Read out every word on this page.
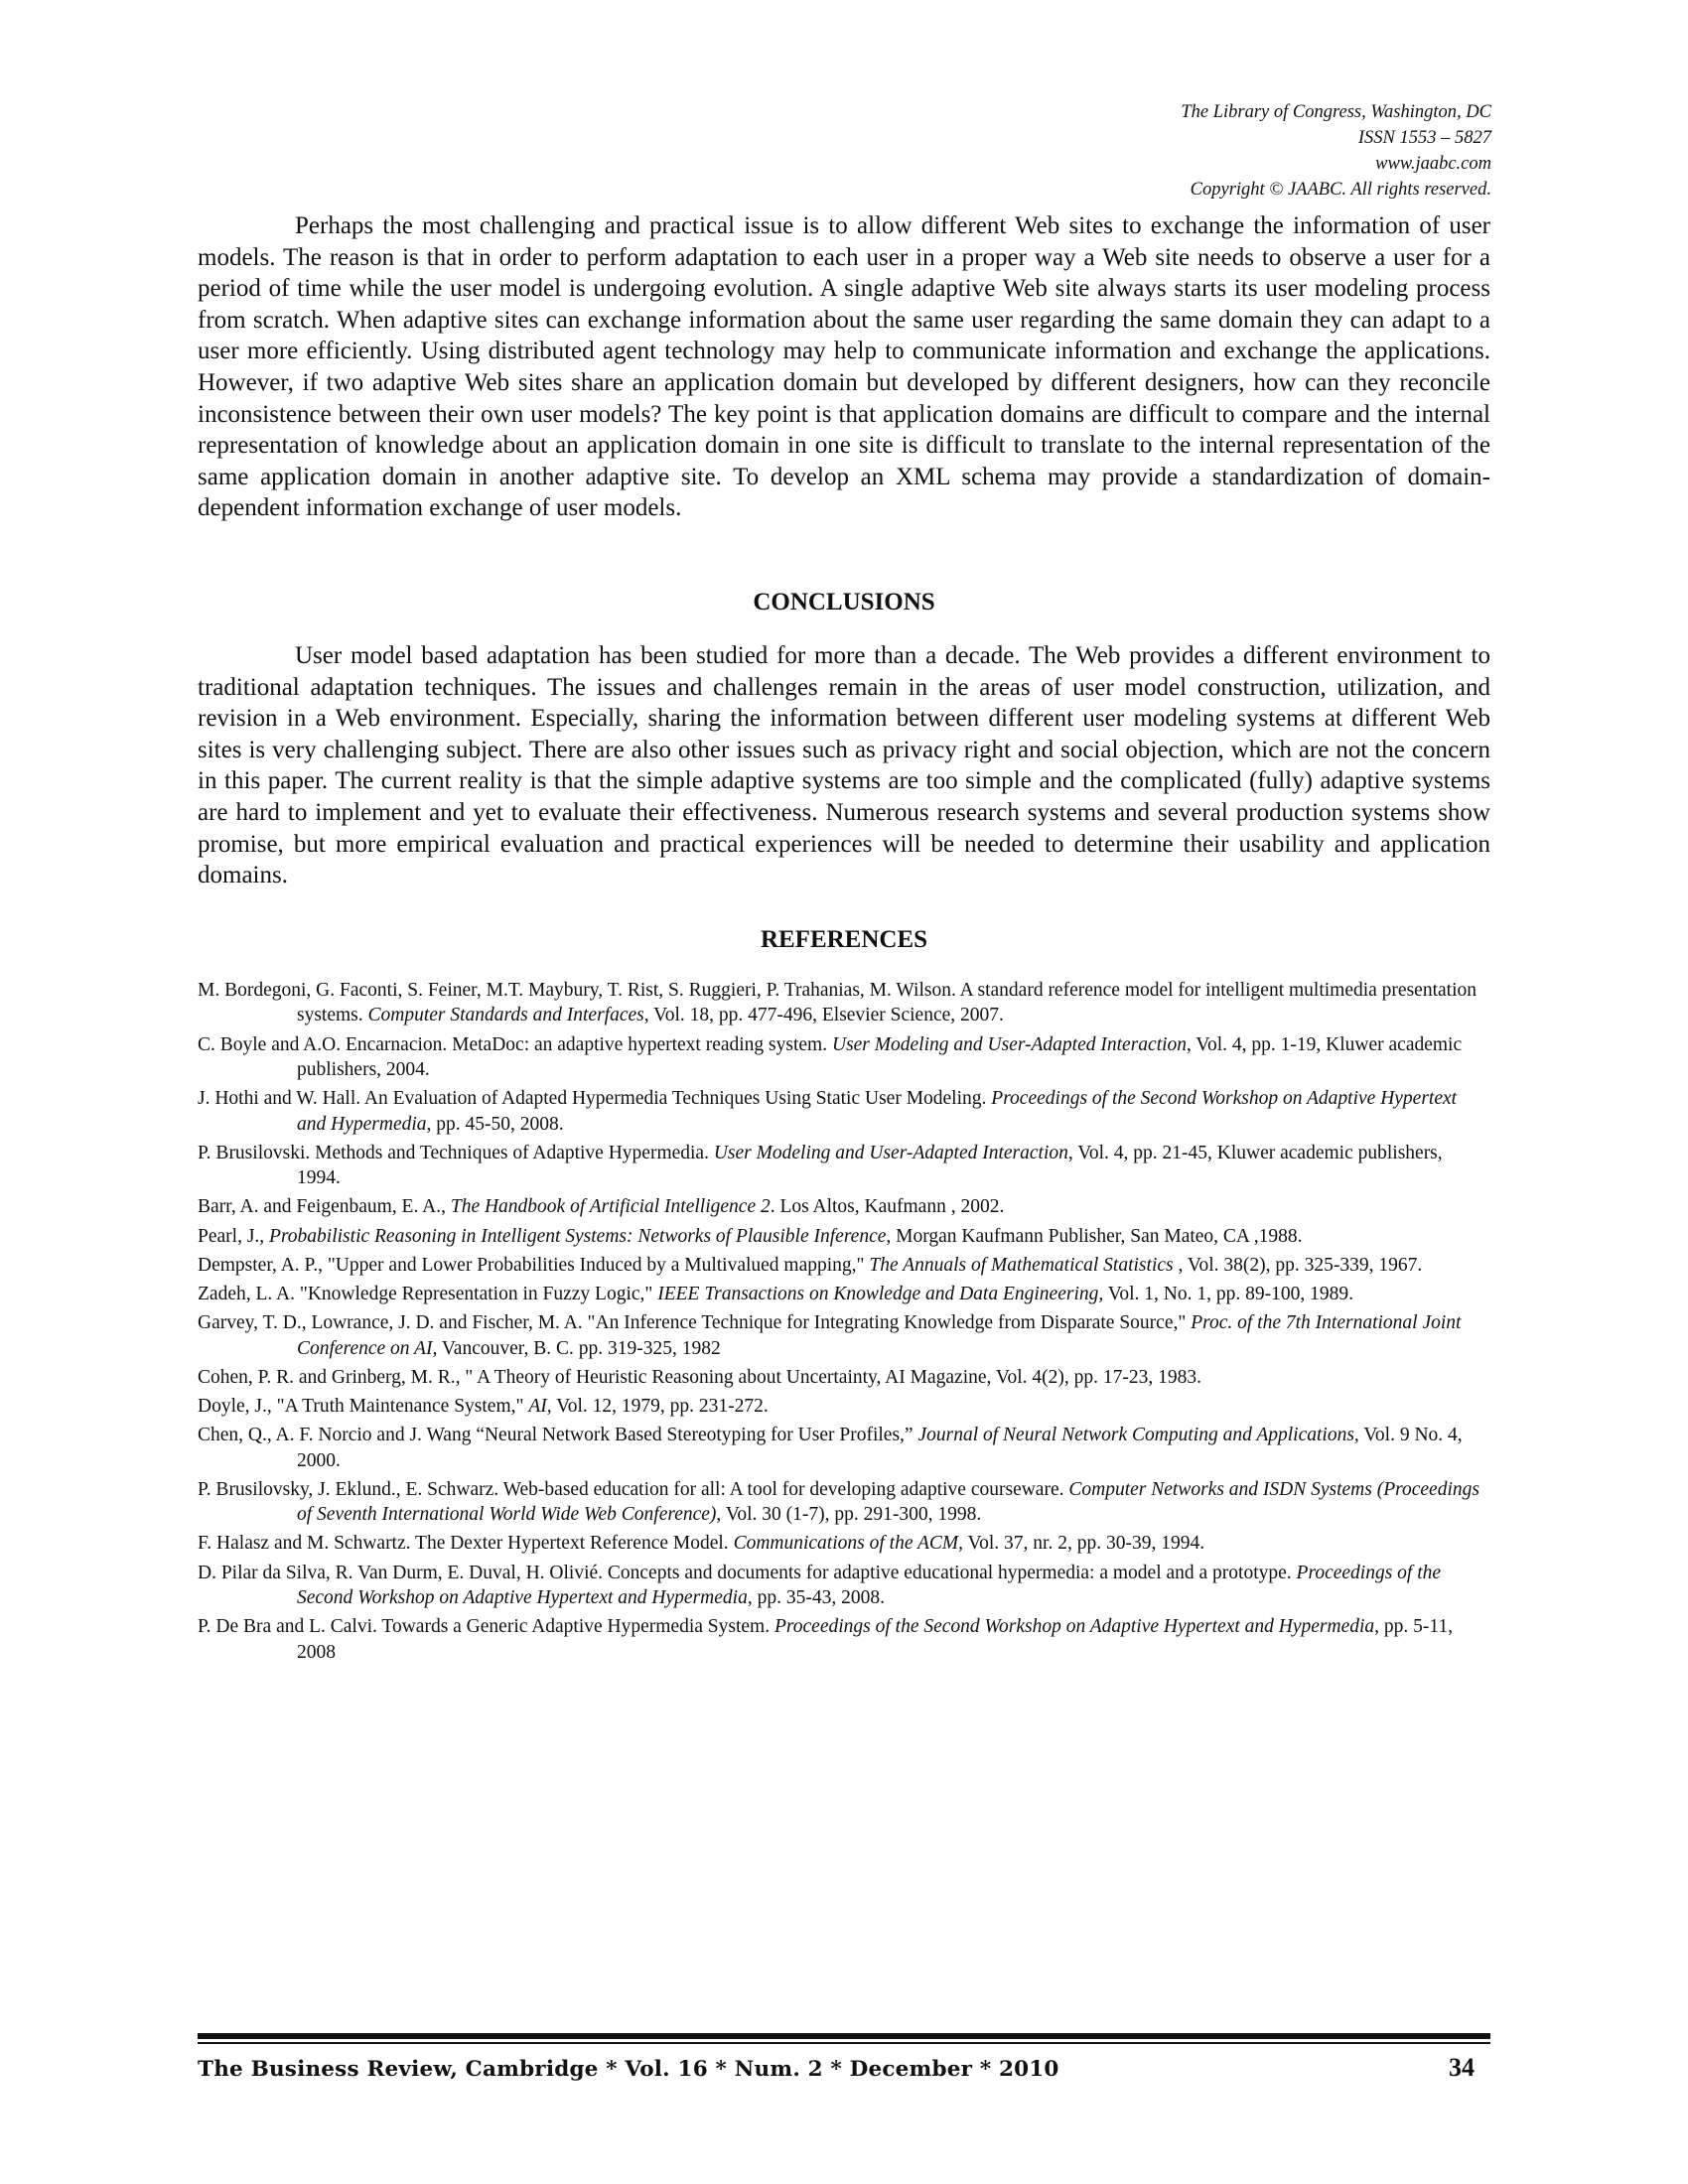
The Library of Congress, Washington, DC
ISSN 1553 – 5827
www.jaabc.com
Copyright © JAABC. All rights reserved.

Perhaps the most challenging and practical issue is to allow different Web sites to exchange the information of user models. The reason is that in order to perform adaptation to each user in a proper way a Web site needs to observe a user for a period of time while the user model is undergoing evolution. A single adaptive Web site always starts its user modeling process from scratch. When adaptive sites can exchange information about the same user regarding the same domain they can adapt to a user more efficiently. Using distributed agent technology may help to communicate information and exchange the applications. However, if two adaptive Web sites share an application domain but developed by different designers, how can they reconcile inconsistence between their own user models? The key point is that application domains are difficult to compare and the internal representation of knowledge about an application domain in one site is difficult to translate to the internal representation of the same application domain in another adaptive site. To develop an XML schema may provide a standardization of domain-dependent information exchange of user models.

CONCLUSIONS

User model based adaptation has been studied for more than a decade. The Web provides a different environment to traditional adaptation techniques. The issues and challenges remain in the areas of user model construction, utilization, and revision in a Web environment. Especially, sharing the information between different user modeling systems at different Web sites is very challenging subject. There are also other issues such as privacy right and social objection, which are not the concern in this paper. The current reality is that the simple adaptive systems are too simple and the complicated (fully) adaptive systems are hard to implement and yet to evaluate their effectiveness. Numerous research systems and several production systems show promise, but more empirical evaluation and practical experiences will be needed to determine their usability and application domains.

REFERENCES

M. Bordegoni, G. Faconti, S. Feiner, M.T. Maybury, T. Rist, S. Ruggieri, P. Trahanias, M. Wilson. A standard reference model for intelligent multimedia presentation systems. Computer Standards and Interfaces, Vol. 18, pp. 477-496, Elsevier Science, 2007.

C. Boyle and A.O. Encarnacion. MetaDoc: an adaptive hypertext reading system. User Modeling and User-Adapted Interaction, Vol. 4, pp. 1-19, Kluwer academic publishers, 2004.

J. Hothi and W. Hall. An Evaluation of Adapted Hypermedia Techniques Using Static User Modeling. Proceedings of the Second Workshop on Adaptive Hypertext and Hypermedia, pp. 45-50, 2008.

P. Brusilovski. Methods and Techniques of Adaptive Hypermedia. User Modeling and User-Adapted Interaction, Vol. 4, pp. 21-45, Kluwer academic publishers, 1994.

Barr, A. and Feigenbaum, E. A., The Handbook of Artificial Intelligence 2. Los Altos, Kaufmann , 2002.

Pearl, J., Probabilistic Reasoning in Intelligent Systems: Networks of Plausible Inference, Morgan Kaufmann Publisher, San Mateo, CA ,1988.

Dempster, A. P., "Upper and Lower Probabilities Induced by a Multivalued mapping," The Annuals of Mathematical Statistics , Vol. 38(2), pp. 325-339, 1967.

Zadeh, L. A. "Knowledge Representation in Fuzzy Logic," IEEE Transactions on Knowledge and Data Engineering, Vol. 1, No. 1, pp. 89-100, 1989.

Garvey, T. D., Lowrance, J. D. and Fischer, M. A. "An Inference Technique for Integrating Knowledge from Disparate Source," Proc. of the 7th International Joint Conference on AI, Vancouver, B. C. pp. 319-325, 1982

Cohen, P. R. and Grinberg, M. R., " A Theory of Heuristic Reasoning about Uncertainty, AI Magazine, Vol. 4(2), pp. 17-23, 1983.

Doyle, J., "A Truth Maintenance System," AI, Vol. 12, 1979, pp. 231-272.

Chen, Q., A. F. Norcio and J. Wang “Neural Network Based Stereotyping for User Profiles,” Journal of Neural Network Computing and Applications, Vol. 9 No. 4, 2000.

P. Brusilovsky, J. Eklund., E. Schwarz. Web-based education for all: A tool for developing adaptive courseware. Computer Networks and ISDN Systems (Proceedings of Seventh International World Wide Web Conference), Vol. 30 (1-7), pp. 291-300, 1998.

F. Halasz and M. Schwartz. The Dexter Hypertext Reference Model. Communications of the ACM, Vol. 37, nr. 2, pp. 30-39, 1994.

D. Pilar da Silva, R. Van Durm, E. Duval, H. Olivié. Concepts and documents for adaptive educational hypermedia: a model and a prototype. Proceedings of the Second Workshop on Adaptive Hypertext and Hypermedia, pp. 35-43, 2008.

P. De Bra and L. Calvi. Towards a Generic Adaptive Hypermedia System. Proceedings of the Second Workshop on Adaptive Hypertext and Hypermedia, pp. 5-11, 2008

The Business Review, Cambridge * Vol. 16 * Num. 2 * December * 2010	34
